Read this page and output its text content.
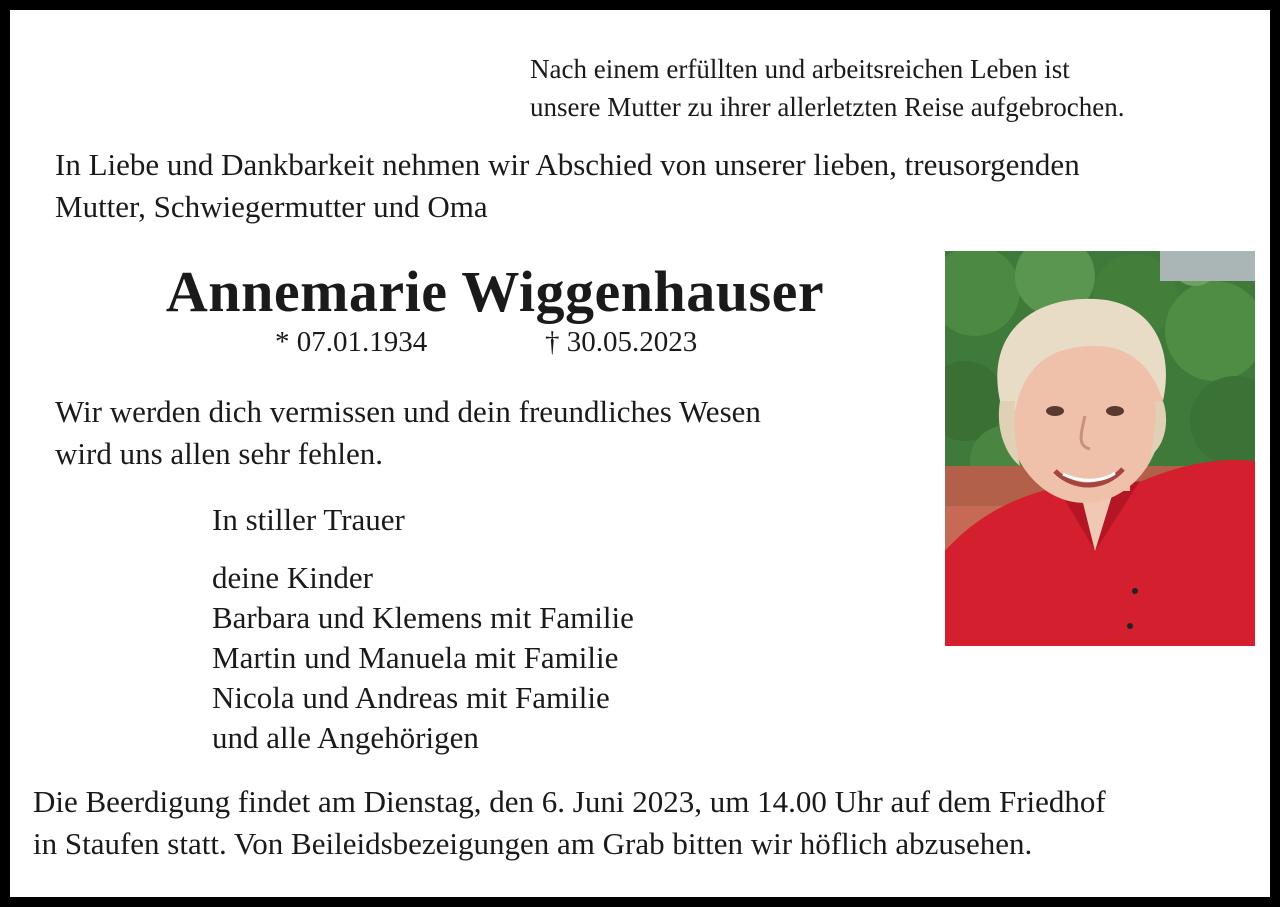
Nach einem erfüllten und arbeitsreichen Leben ist
unsere Mutter zu ihrer allerletzten Reise aufgebrochen.
In Liebe und Dankbarkeit nehmen wir Abschied von unserer lieben, treusorgenden
Mutter, Schwiegermutter und Oma
Annemarie Wiggenhauser
* 07.01.1934	† 30.05.2023
Wir werden dich vermissen und dein freundliches Wesen
wird uns allen sehr fehlen.
In stiller Trauer
deine Kinder
Barbara und Klemens mit Familie
Martin und Manuela mit Familie
Nicola und Andreas mit Familie
und alle Angehörigen
Die Beerdigung findet am Dienstag, den 6. Juni 2023, um 14.00 Uhr auf dem Friedhof
in Staufen statt. Von Beileidsbezeigungen am Grab bitten wir höflich abzusehen.
